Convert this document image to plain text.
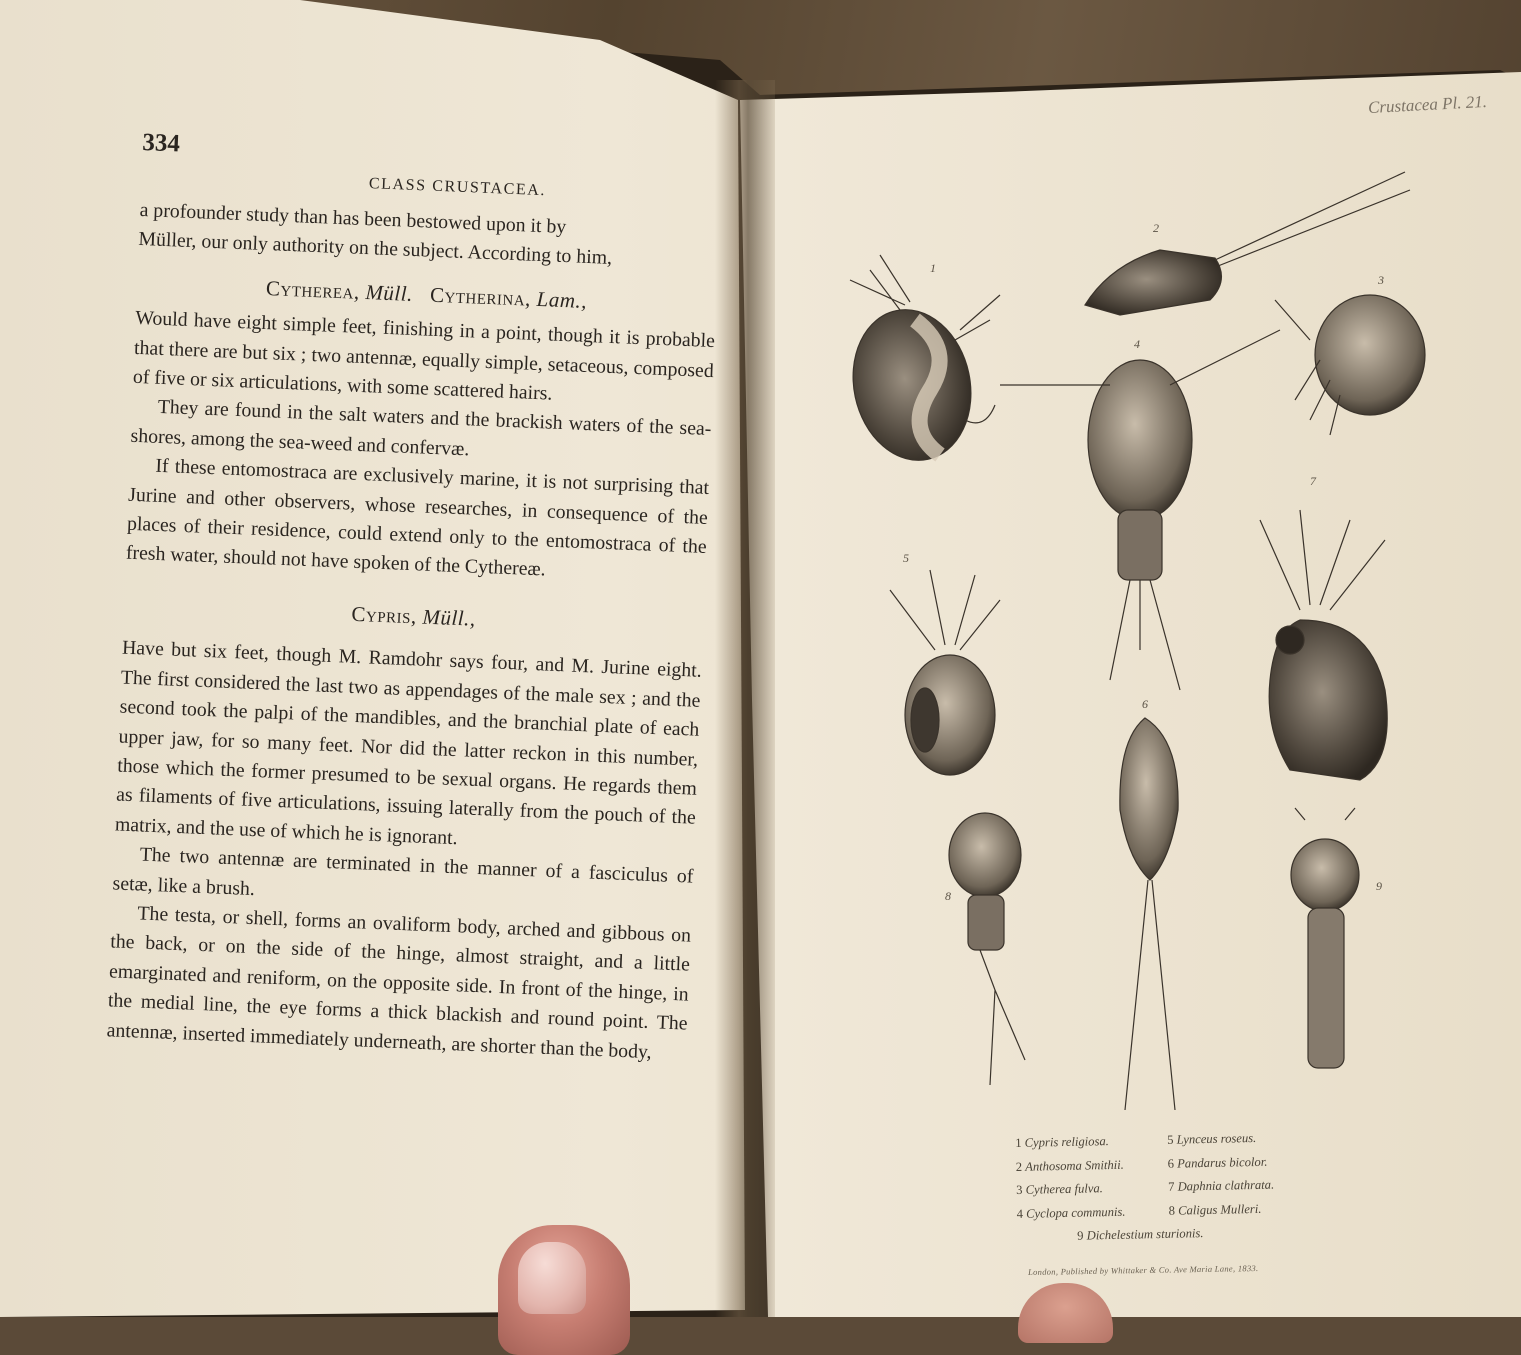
334
CLASS CRUSTACEA.

a profounder study than has been bestowed upon it by

Müller, our only authority on the subject. According to him,

Cytherea, Müll. Cytherina, Lam.,

Would have eight simple feet, finishing in a point, though it is probable that there are but six ; two antennæ, equally simple, setaceous, composed of five or six articulations, with some scattered hairs.

They are found in the salt waters and the brackish waters of the sea-shores, among the sea-weed and confervæ.

If these entomostraca are exclusively marine, it is not surprising that Jurine and other observers, whose researches, in consequence of the places of their residence, could extend only to the entomostraca of the fresh water, should not have spoken of the Cythereæ.

Cypris, Müll.,

Have but six feet, though M. Ramdohr says four, and M. Jurine eight. The first considered the last two as appendages of the male sex ; and the second took the palpi of the mandibles, and the branchial plate of each upper jaw, for so many feet. Nor did the latter reckon in this number, those which the former presumed to be sexual organs. He regards them as filaments of five articulations, issuing laterally from the pouch of the matrix, and the use of which he is ignorant.

The two antennæ are terminated in the manner of a fasciculus of setæ, like a brush.

The testa, or shell, forms an ovaliform body, arched and gibbous on the back, or on the side of the hinge, almost straight, and a little emarginated and reniform, on the opposite side. In front of the hinge, in the medial line, the eye forms a thick blackish and round point. The antennæ, inserted immediately underneath, are shorter than the body,

Crustacea Pl. 21.
1
2
3
4
5
6
7
8
9
1 Cypris religiosa.	5 Lynceus roseus.
2 Anthosoma Smithii.	6 Pandarus bicolor.
3 Cytherea fulva.	7 Daphnia clathrata.
4 Cyclopa communis.	8 Caligus Mulleri.
9
Dichelestium sturionis.
London, Published by Whittaker & Co. Ave Maria Lane, 1833.
